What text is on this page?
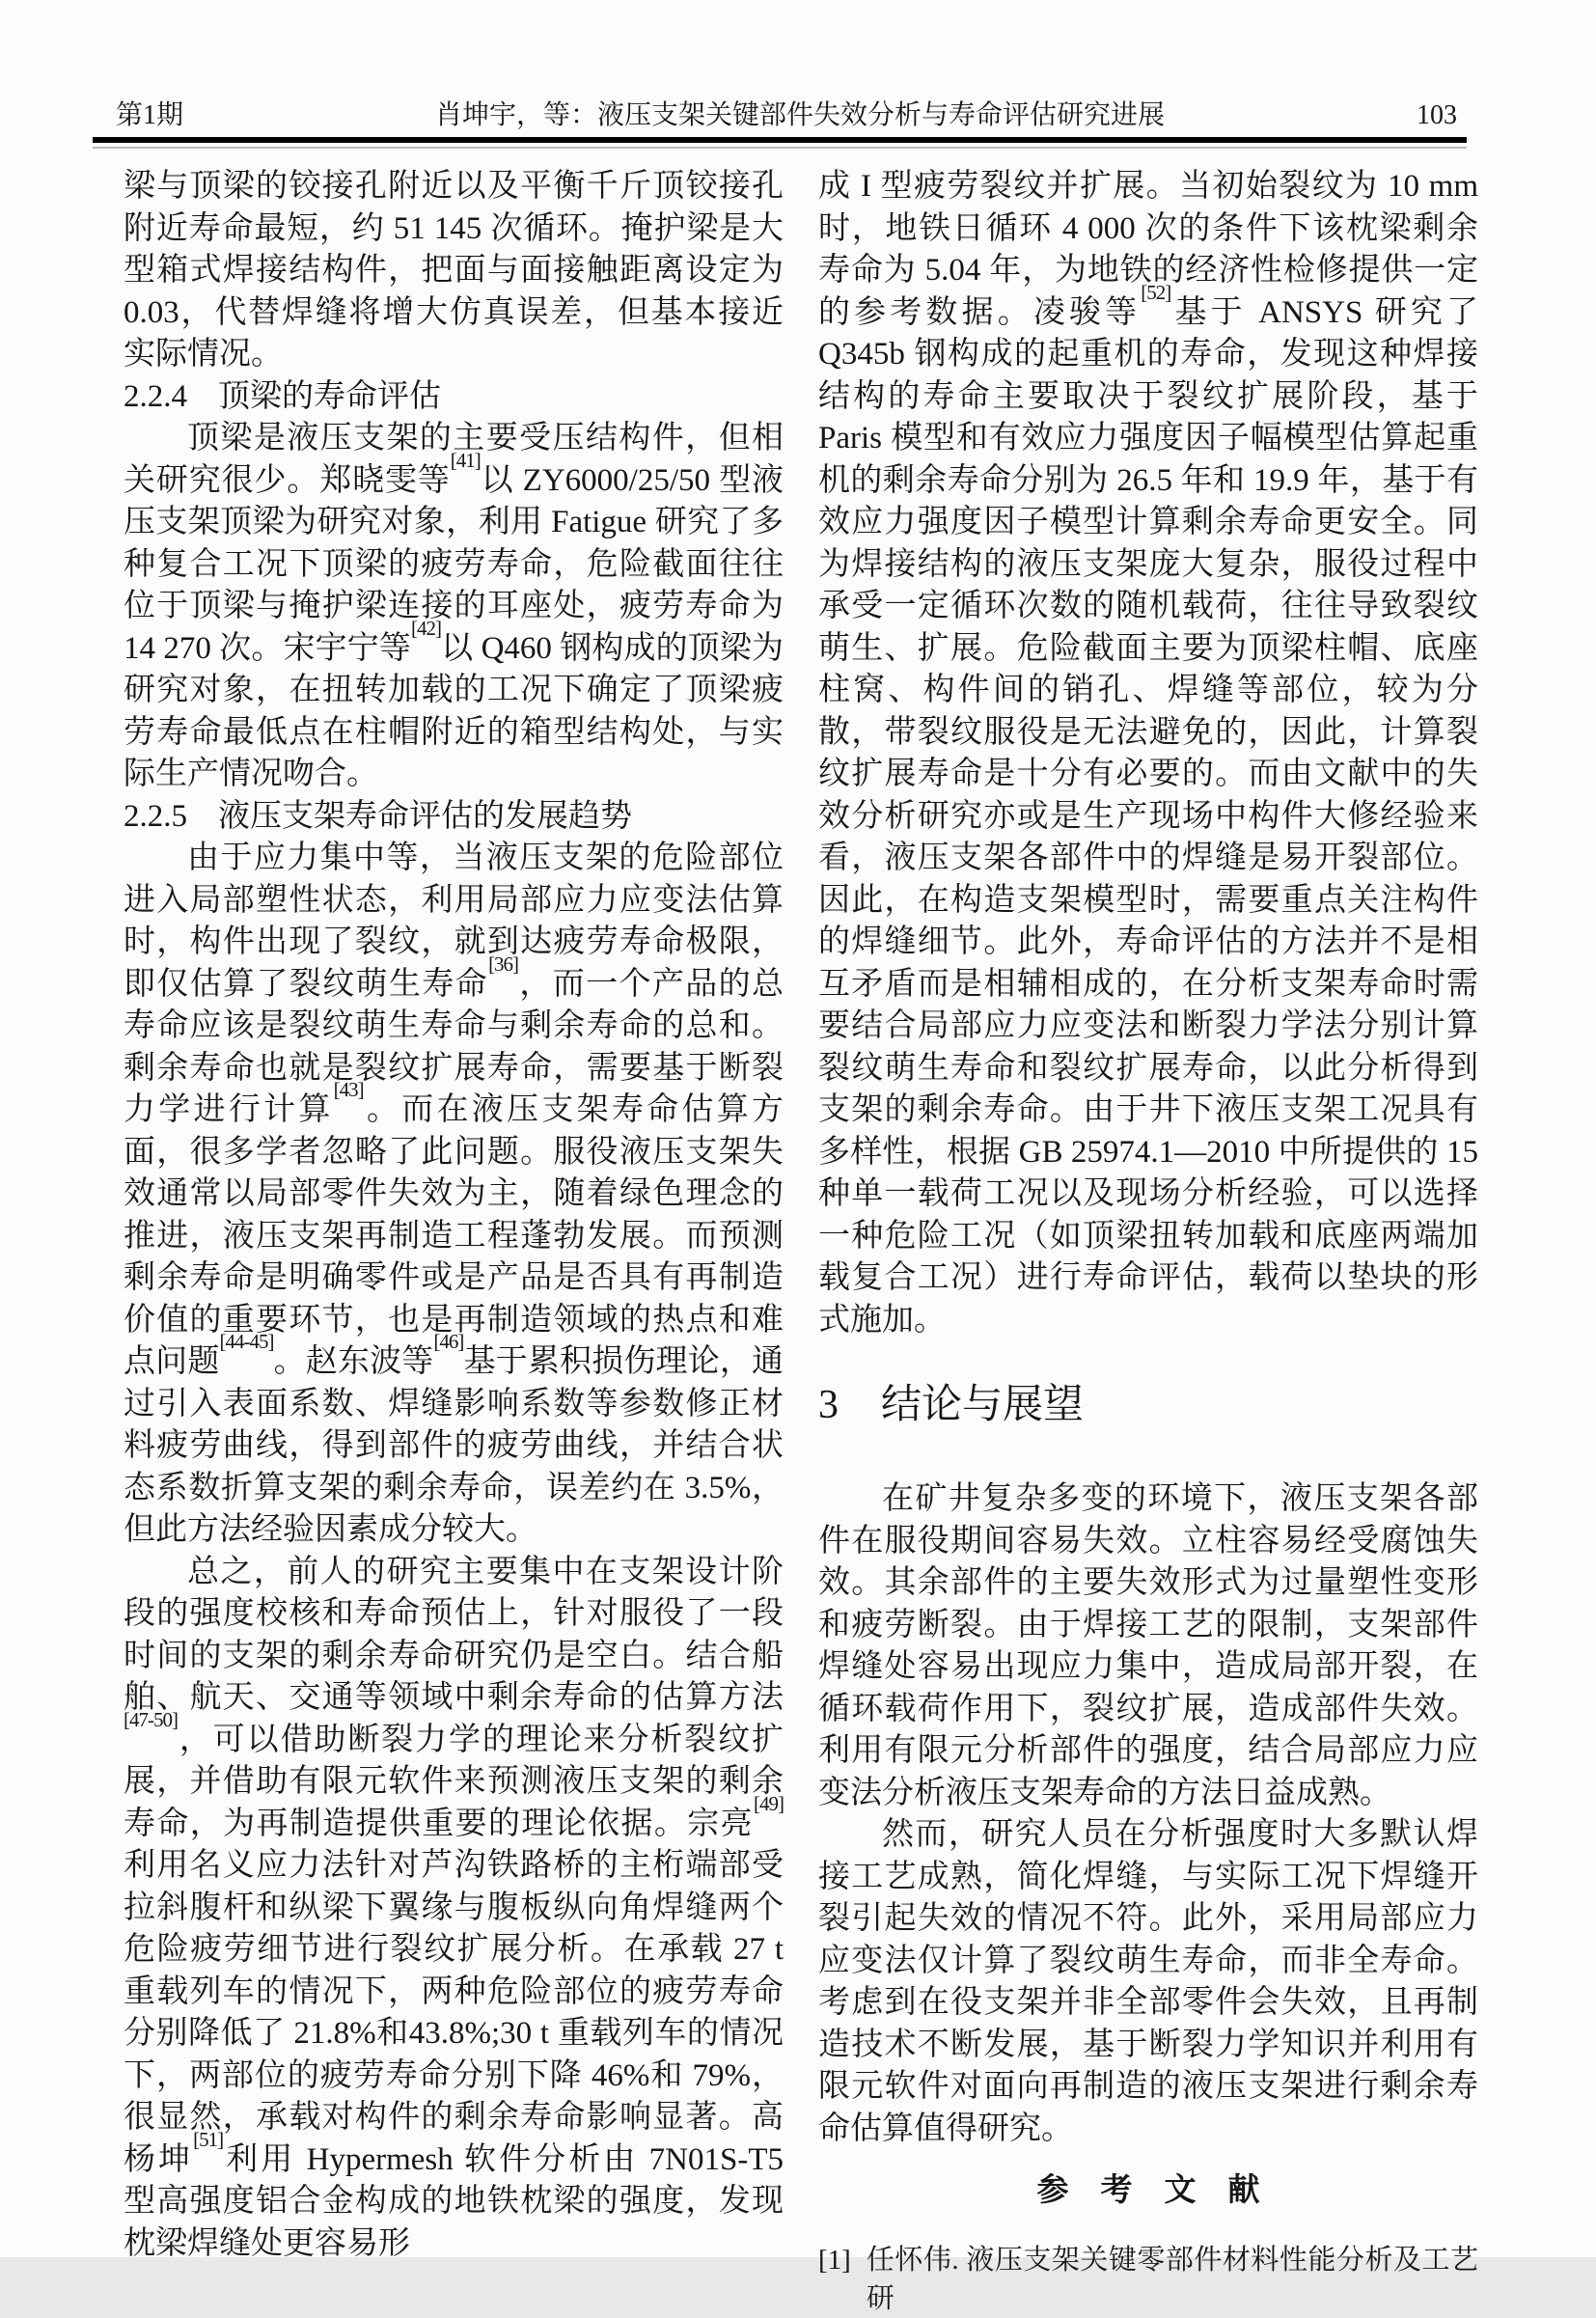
第1期	肖坤宇，等：液压支架关键部件失效分析与寿命评估研究进展	103

梁与顶梁的铰接孔附近以及平衡千斤顶铰接孔附近寿命最短，约 51 145 次循环。掩护梁是大型箱式焊接结构件，把面与面接触距离设定为 0.03，代替焊缝将增大仿真误差，但基本接近实际情况。

2.2.4 顶梁的寿命评估

顶梁是液压支架的主要受压结构件，但相关研究很少。郑晓雯等[41]以 ZY6000/25/50 型液压支架顶梁为研究对象，利用 Fatigue 研究了多种复合工况下顶梁的疲劳寿命，危险截面往往位于顶梁与掩护梁连接的耳座处，疲劳寿命为 14 270 次。宋宇宁等[42]以 Q460 钢构成的顶梁为研究对象，在扭转加载的工况下确定了顶梁疲劳寿命最低点在柱帽附近的箱型结构处，与实际生产情况吻合。

2.2.5 液压支架寿命评估的发展趋势

由于应力集中等，当液压支架的危险部位进入局部塑性状态，利用局部应力应变法估算时，构件出现了裂纹，就到达疲劳寿命极限，即仅估算了裂纹萌生寿命[36]，而一个产品的总寿命应该是裂纹萌生寿命与剩余寿命的总和。剩余寿命也就是裂纹扩展寿命，需要基于断裂力学进行计算[43]。而在液压支架寿命估算方面，很多学者忽略了此问题。服役液压支架失效通常以局部零件失效为主，随着绿色理念的推进，液压支架再制造工程蓬勃发展。而预测剩余寿命是明确零件或是产品是否具有再制造价值的重要环节，也是再制造领域的热点和难点问题[44-45]。赵东波等[46]基于累积损伤理论，通过引入表面系数、焊缝影响系数等参数修正材料疲劳曲线，得到部件的疲劳曲线，并结合状态系数折算支架的剩余寿命，误差约在 3.5%，但此方法经验因素成分较大。

总之，前人的研究主要集中在支架设计阶段的强度校核和寿命预估上，针对服役了一段时间的支架的剩余寿命研究仍是空白。结合船舶、航天、交通等领域中剩余寿命的估算方法[47-50]，可以借助断裂力学的理论来分析裂纹扩展，并借助有限元软件来预测液压支架的剩余寿命，为再制造提供重要的理论依据。宗亮[49]利用名义应力法针对芦沟铁路桥的主桁端部受拉斜腹杆和纵梁下翼缘与腹板纵向角焊缝两个危险疲劳细节进行裂纹扩展分析。在承载 27 t 重载列车的情况下，两种危险部位的疲劳寿命分别降低了 21.8%和43.8%;30 t 重载列车的情况下，两部位的疲劳寿命分别下降 46%和 79%，很显然，承载对构件的剩余寿命影响显著。高杨坤[51]利用 Hypermesh 软件分析由 7N01S-T5 型高强度铝合金构成的地铁枕梁的强度，发现枕梁焊缝处更容易形

成 I 型疲劳裂纹并扩展。当初始裂纹为 10 mm 时，地铁日循环 4 000 次的条件下该枕梁剩余寿命为 5.04 年，为地铁的经济性检修提供一定的参考数据。凌骏等[52]基于 ANSYS 研究了 Q345b 钢构成的起重机的寿命，发现这种焊接结构的寿命主要取决于裂纹扩展阶段，基于 Paris 模型和有效应力强度因子幅模型估算起重机的剩余寿命分别为 26.5 年和 19.9 年，基于有效应力强度因子模型计算剩余寿命更安全。同为焊接结构的液压支架庞大复杂，服役过程中承受一定循环次数的随机载荷，往往导致裂纹萌生、扩展。危险截面主要为顶梁柱帽、底座柱窝、构件间的销孔、焊缝等部位，较为分散，带裂纹服役是无法避免的，因此，计算裂纹扩展寿命是十分有必要的。而由文献中的失效分析研究亦或是生产现场中构件大修经验来看，液压支架各部件中的焊缝是易开裂部位。因此，在构造支架模型时，需要重点关注构件的焊缝细节。此外，寿命评估的方法并不是相互矛盾而是相辅相成的，在分析支架寿命时需要结合局部应力应变法和断裂力学法分别计算裂纹萌生寿命和裂纹扩展寿命，以此分析得到支架的剩余寿命。由于井下液压支架工况具有多样性，根据 GB 25974.1—2010 中所提供的 15 种单一载荷工况以及现场分析经验，可以选择一种危险工况（如顶梁扭转加载和底座两端加载复合工况）进行寿命评估，载荷以垫块的形式施加。

3 结论与展望

在矿井复杂多变的环境下，液压支架各部件在服役期间容易失效。立柱容易经受腐蚀失效。其余部件的主要失效形式为过量塑性变形和疲劳断裂。由于焊接工艺的限制，支架部件焊缝处容易出现应力集中，造成局部开裂，在循环载荷作用下，裂纹扩展，造成部件失效。利用有限元分析部件的强度，结合局部应力应变法分析液压支架寿命的方法日益成熟。

然而，研究人员在分析强度时大多默认焊接工艺成熟，简化焊缝，与实际工况下焊缝开裂引起失效的情况不符。此外，采用局部应力应变法仅计算了裂纹萌生寿命，而非全寿命。考虑到在役支架并非全部零件会失效，且再制造技术不断发展，基于断裂力学知识并利用有限元软件对面向再制造的液压支架进行剩余寿命估算值得研究。

参　考　文　献

[1] 任怀伟. 液压支架关键零部件材料性能分析及工艺研
